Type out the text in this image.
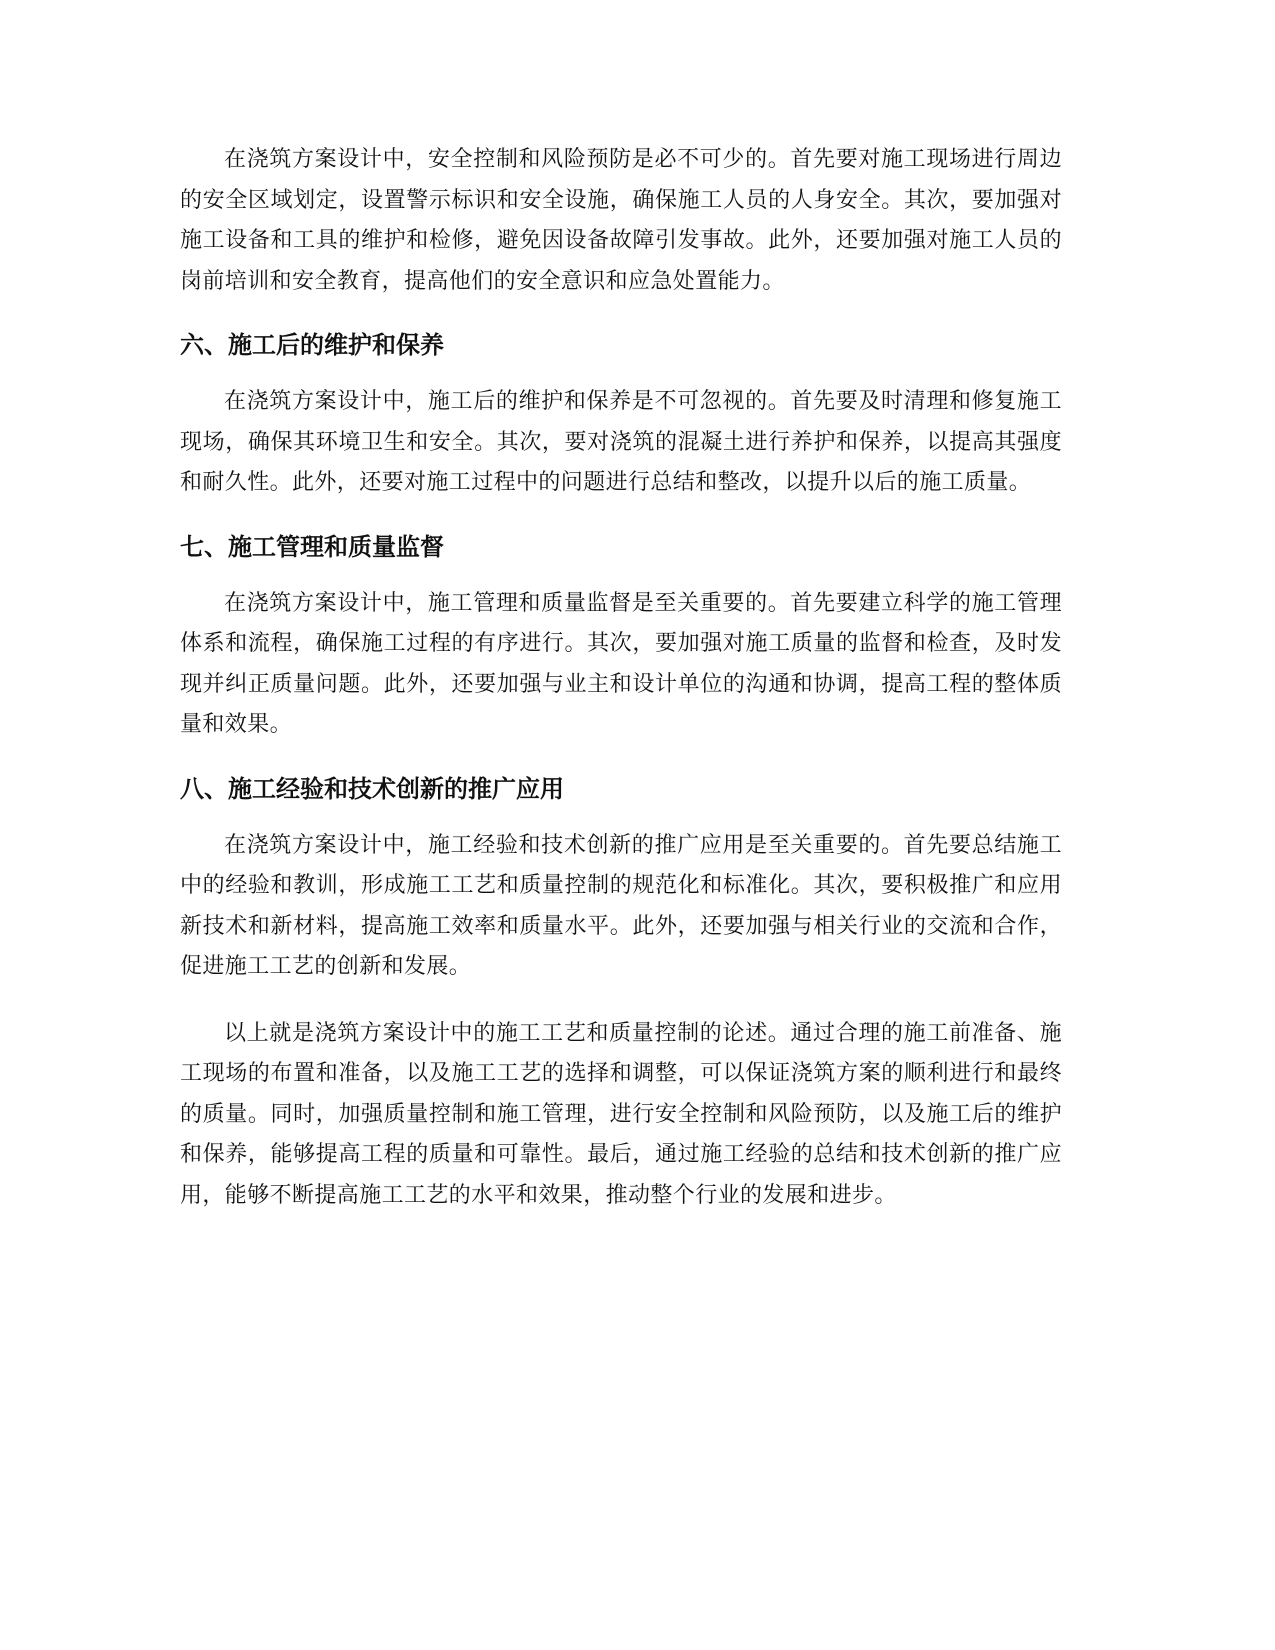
在浇筑方案设计中，安全控制和风险预防是必不可少的。首先要对施工现场进行周边的安全区域划定，设置警示标识和安全设施，确保施工人员的人身安全。其次，要加强对施工设备和工具的维护和检修，避免因设备故障引发事故。此外，还要加强对施工人员的岗前培训和安全教育，提高他们的安全意识和应急处置能力。

六、施工后的维护和保养

在浇筑方案设计中，施工后的维护和保养是不可忽视的。首先要及时清理和修复施工现场，确保其环境卫生和安全。其次，要对浇筑的混凝土进行养护和保养，以提高其强度和耐久性。此外，还要对施工过程中的问题进行总结和整改，以提升以后的施工质量。

七、施工管理和质量监督

在浇筑方案设计中，施工管理和质量监督是至关重要的。首先要建立科学的施工管理体系和流程，确保施工过程的有序进行。其次，要加强对施工质量的监督和检查，及时发现并纠正质量问题。此外，还要加强与业主和设计单位的沟通和协调，提高工程的整体质量和效果。

八、施工经验和技术创新的推广应用

在浇筑方案设计中，施工经验和技术创新的推广应用是至关重要的。首先要总结施工中的经验和教训，形成施工工艺和质量控制的规范化和标准化。其次，要积极推广和应用新技术和新材料，提高施工效率和质量水平。此外，还要加强与相关行业的交流和合作，促进施工工艺的创新和发展。

以上就是浇筑方案设计中的施工工艺和质量控制的论述。通过合理的施工前准备、施工现场的布置和准备，以及施工工艺的选择和调整，可以保证浇筑方案的顺利进行和最终的质量。同时，加强质量控制和施工管理，进行安全控制和风险预防，以及施工后的维护和保养，能够提高工程的质量和可靠性。最后，通过施工经验的总结和技术创新的推广应用，能够不断提高施工工艺的水平和效果，推动整个行业的发展和进步。
